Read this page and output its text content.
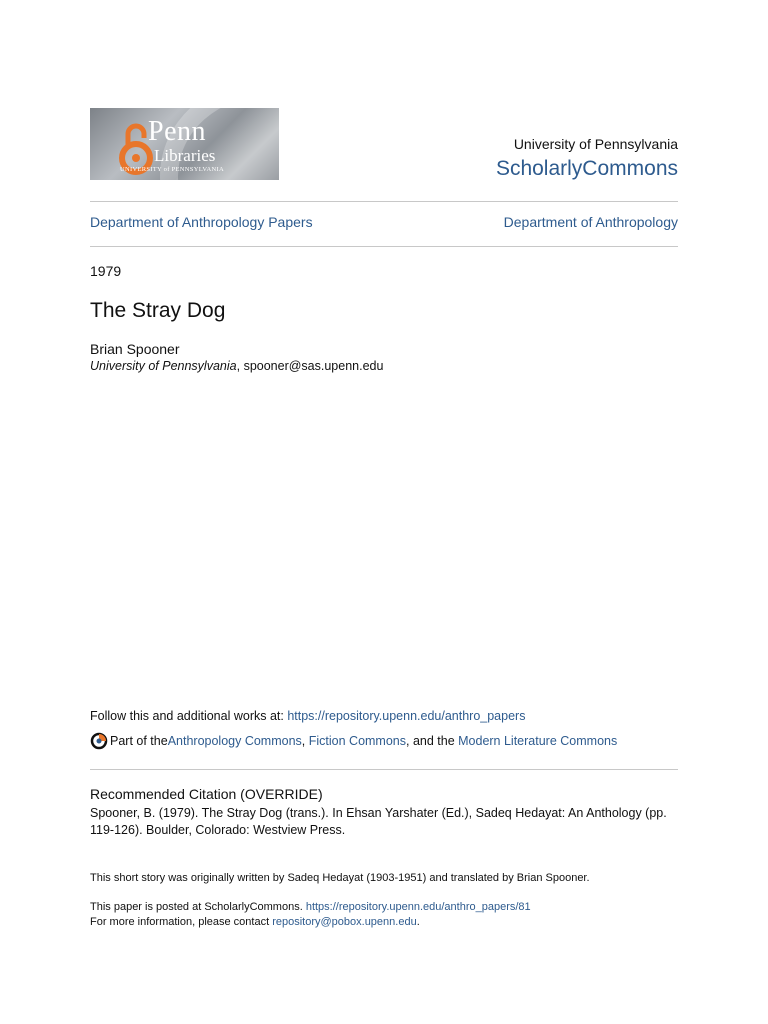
Penn
Libraries
UNIVERSITY of PENNSYLVANIA
University of Pennsylvania
ScholarlyCommons
Department of Anthropology Papers	Department of Anthropology
1979
The Stray Dog
Brian Spooner
University of Pennsylvania, spooner@sas.upenn.edu
Follow this and additional works at: https://repository.upenn.edu/anthro_papers
Part of the Anthropology Commons , Fiction Commons , and the Modern Literature Commons
Recommended Citation (OVERRIDE)
Spooner, B. (1979). The Stray Dog (trans.). In Ehsan Yarshater (Ed.), Sadeq Hedayat: An Anthology (pp. 119-126). Boulder, Colorado: Westview Press.
This short story was originally written by Sadeq Hedayat (1903-1951) and translated by Brian Spooner.
This paper is posted at ScholarlyCommons. https://repository.upenn.edu/anthro_papers/81
For more information, please contact repository@pobox.upenn.edu.
